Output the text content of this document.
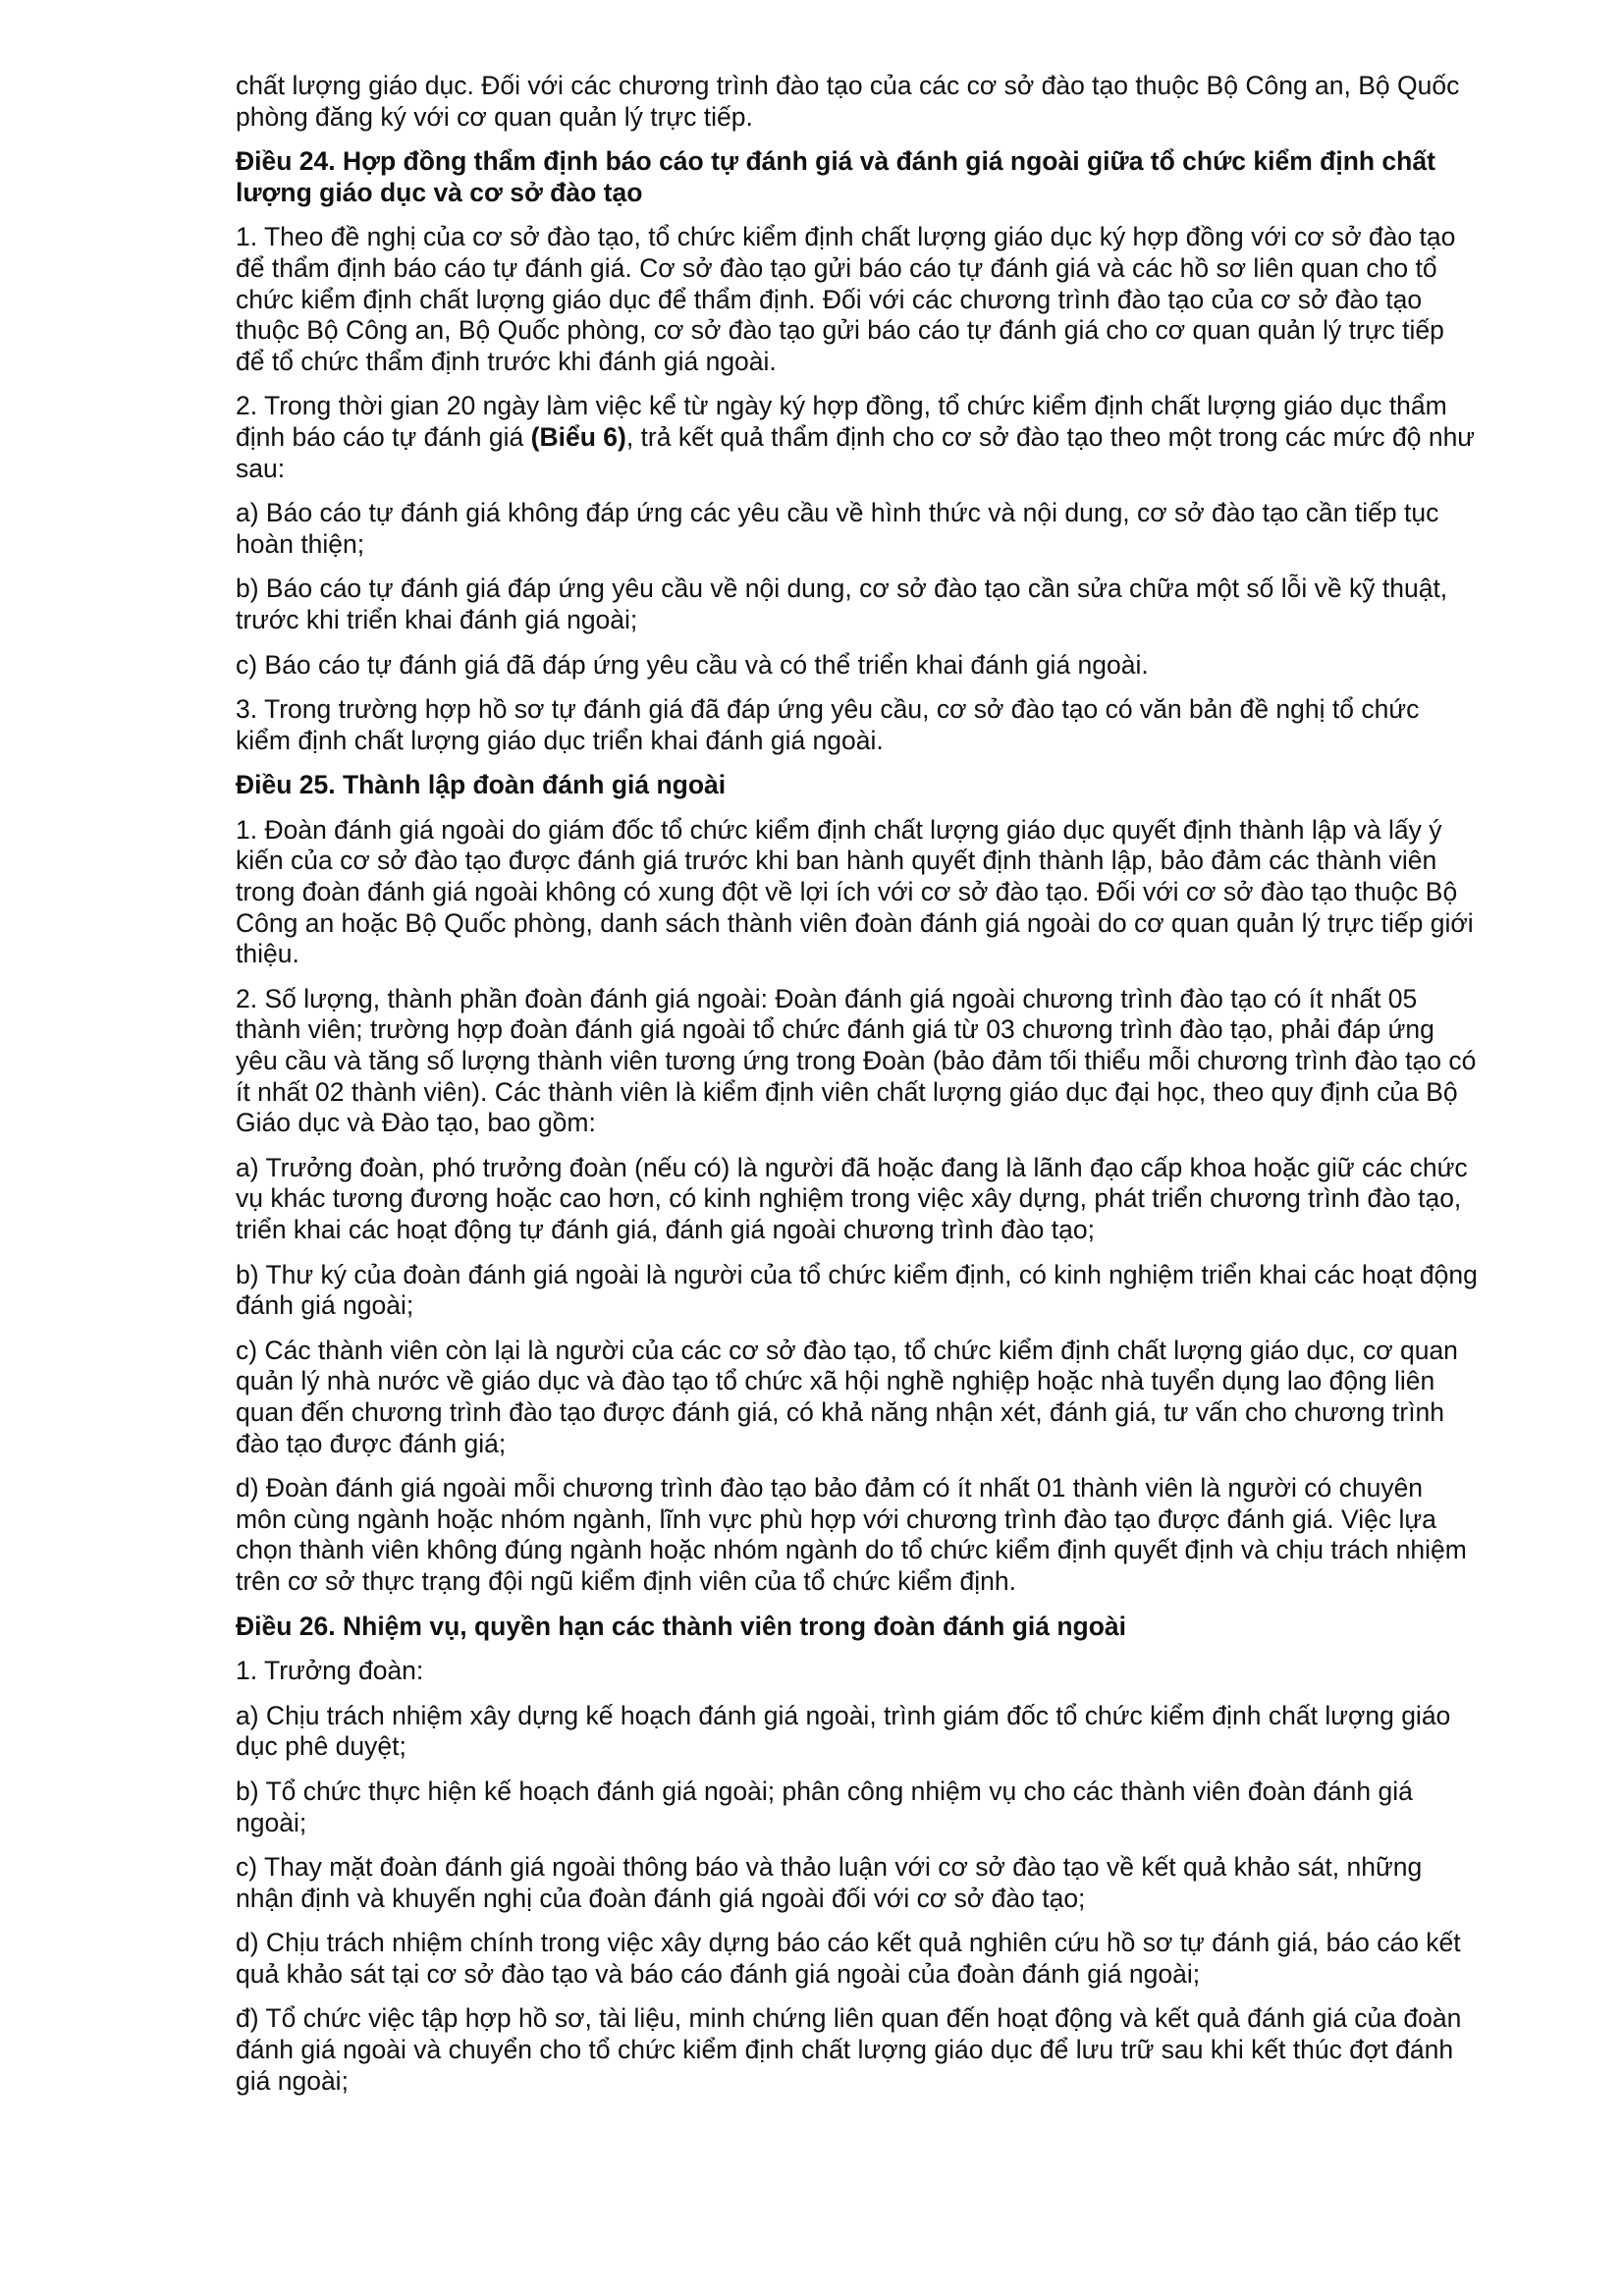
chất lượng giáo dục. Đối với các chương trình đào tạo của các cơ sở đào tạo thuộc Bộ Công an, Bộ Quốc phòng đăng ký với cơ quan quản lý trực tiếp.

Điều 24. Hợp đồng thẩm định báo cáo tự đánh giá và đánh giá ngoài giữa tổ chức kiểm định chất lượng giáo dục và cơ sở đào tạo

1. Theo đề nghị của cơ sở đào tạo, tổ chức kiểm định chất lượng giáo dục ký hợp đồng với cơ sở đào tạo để thẩm định báo cáo tự đánh giá. Cơ sở đào tạo gửi báo cáo tự đánh giá và các hồ sơ liên quan cho tổ chức kiểm định chất lượng giáo dục để thẩm định. Đối với các chương trình đào tạo của cơ sở đào tạo thuộc Bộ Công an, Bộ Quốc phòng, cơ sở đào tạo gửi báo cáo tự đánh giá cho cơ quan quản lý trực tiếp để tổ chức thẩm định trước khi đánh giá ngoài.

2. Trong thời gian 20 ngày làm việc kể từ ngày ký hợp đồng, tổ chức kiểm định chất lượng giáo dục thẩm định báo cáo tự đánh giá (Biểu 6), trả kết quả thẩm định cho cơ sở đào tạo theo một trong các mức độ như sau:

a) Báo cáo tự đánh giá không đáp ứng các yêu cầu về hình thức và nội dung, cơ sở đào tạo cần tiếp tục hoàn thiện;

b) Báo cáo tự đánh giá đáp ứng yêu cầu về nội dung, cơ sở đào tạo cần sửa chữa một số lỗi về kỹ thuật, trước khi triển khai đánh giá ngoài;

c) Báo cáo tự đánh giá đã đáp ứng yêu cầu và có thể triển khai đánh giá ngoài.

3. Trong trường hợp hồ sơ tự đánh giá đã đáp ứng yêu cầu, cơ sở đào tạo có văn bản đề nghị tổ chức kiểm định chất lượng giáo dục triển khai đánh giá ngoài.

Điều 25. Thành lập đoàn đánh giá ngoài

1. Đoàn đánh giá ngoài do giám đốc tổ chức kiểm định chất lượng giáo dục quyết định thành lập và lấy ý kiến của cơ sở đào tạo được đánh giá trước khi ban hành quyết định thành lập, bảo đảm các thành viên trong đoàn đánh giá ngoài không có xung đột về lợi ích với cơ sở đào tạo. Đối với cơ sở đào tạo thuộc Bộ Công an hoặc Bộ Quốc phòng, danh sách thành viên đoàn đánh giá ngoài do cơ quan quản lý trực tiếp giới thiệu.

2. Số lượng, thành phần đoàn đánh giá ngoài: Đoàn đánh giá ngoài chương trình đào tạo có ít nhất 05 thành viên; trường hợp đoàn đánh giá ngoài tổ chức đánh giá từ 03 chương trình đào tạo, phải đáp ứng yêu cầu và tăng số lượng thành viên tương ứng trong Đoàn (bảo đảm tối thiểu mỗi chương trình đào tạo có ít nhất 02 thành viên). Các thành viên là kiểm định viên chất lượng giáo dục đại học, theo quy định của Bộ Giáo dục và Đào tạo, bao gồm:

a) Trưởng đoàn, phó trưởng đoàn (nếu có) là người đã hoặc đang là lãnh đạo cấp khoa hoặc giữ các chức vụ khác tương đương hoặc cao hơn, có kinh nghiệm trong việc xây dựng, phát triển chương trình đào tạo, triển khai các hoạt động tự đánh giá, đánh giá ngoài chương trình đào tạo;

b) Thư ký của đoàn đánh giá ngoài là người của tổ chức kiểm định, có kinh nghiệm triển khai các hoạt động đánh giá ngoài;

c) Các thành viên còn lại là người của các cơ sở đào tạo, tổ chức kiểm định chất lượng giáo dục, cơ quan quản lý nhà nước về giáo dục và đào tạo tổ chức xã hội nghề nghiệp hoặc nhà tuyển dụng lao động liên quan đến chương trình đào tạo được đánh giá, có khả năng nhận xét, đánh giá, tư vấn cho chương trình đào tạo được đánh giá;

d) Đoàn đánh giá ngoài mỗi chương trình đào tạo bảo đảm có ít nhất 01 thành viên là người có chuyên môn cùng ngành hoặc nhóm ngành, lĩnh vực phù hợp với chương trình đào tạo được đánh giá. Việc lựa chọn thành viên không đúng ngành hoặc nhóm ngành do tổ chức kiểm định quyết định và chịu trách nhiệm trên cơ sở thực trạng đội ngũ kiểm định viên của tổ chức kiểm định.

Điều 26. Nhiệm vụ, quyền hạn các thành viên trong đoàn đánh giá ngoài

1. Trưởng đoàn:

a) Chịu trách nhiệm xây dựng kế hoạch đánh giá ngoài, trình giám đốc tổ chức kiểm định chất lượng giáo dục phê duyệt;

b) Tổ chức thực hiện kế hoạch đánh giá ngoài; phân công nhiệm vụ cho các thành viên đoàn đánh giá ngoài;

c) Thay mặt đoàn đánh giá ngoài thông báo và thảo luận với cơ sở đào tạo về kết quả khảo sát, những nhận định và khuyến nghị của đoàn đánh giá ngoài đối với cơ sở đào tạo;

d) Chịu trách nhiệm chính trong việc xây dựng báo cáo kết quả nghiên cứu hồ sơ tự đánh giá, báo cáo kết quả khảo sát tại cơ sở đào tạo và báo cáo đánh giá ngoài của đoàn đánh giá ngoài;

đ) Tổ chức việc tập hợp hồ sơ, tài liệu, minh chứng liên quan đến hoạt động và kết quả đánh giá của đoàn đánh giá ngoài và chuyển cho tổ chức kiểm định chất lượng giáo dục để lưu trữ sau khi kết thúc đợt đánh giá ngoài;
